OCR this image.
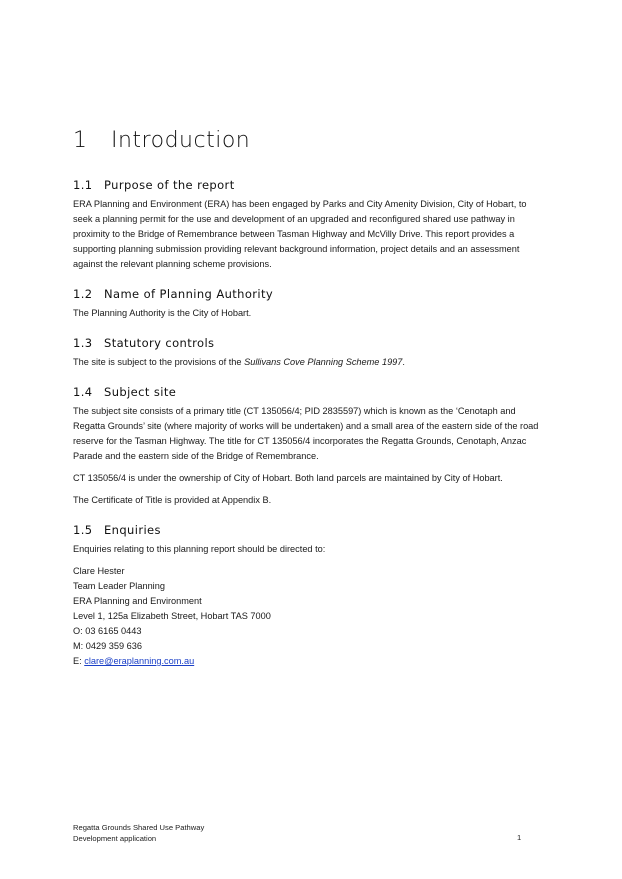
1 Introduction
1.1 Purpose of the report

ERA Planning and Environment (ERA) has been engaged by Parks and City Amenity Division, City of Hobart, to seek a planning permit for the use and development of an upgraded and reconfigured shared use pathway in proximity to the Bridge of Remembrance between Tasman Highway and McVilly Drive. This report provides a supporting planning submission providing relevant background information, project details and an assessment against the relevant planning scheme provisions.

1.2 Name of Planning Authority

The Planning Authority is the City of Hobart.

1.3 Statutory controls

The site is subject to the provisions of the Sullivans Cove Planning Scheme 1997.

1.4 Subject site

The subject site consists of a primary title (CT 135056/4; PID 2835597) which is known as the ‘Cenotaph and Regatta Grounds’ site (where majority of works will be undertaken) and a small area of the eastern side of the road reserve for the Tasman Highway. The title for CT 135056/4 incorporates the Regatta Grounds, Cenotaph, Anzac Parade and the eastern side of the Bridge of Remembrance.

CT 135056/4 is under the ownership of City of Hobart. Both land parcels are maintained by City of Hobart.

The Certificate of Title is provided at Appendix B.

1.5 Enquiries

Enquiries relating to this planning report should be directed to:

Clare Hester

Team Leader Planning

ERA Planning and Environment

Level 1, 125a Elizabeth Street, Hobart TAS 7000

O: 03 6165 0443

M: 0429 359 636

E: clare@eraplanning.com.au

Regatta Grounds Shared Use Pathway
Development application	1
